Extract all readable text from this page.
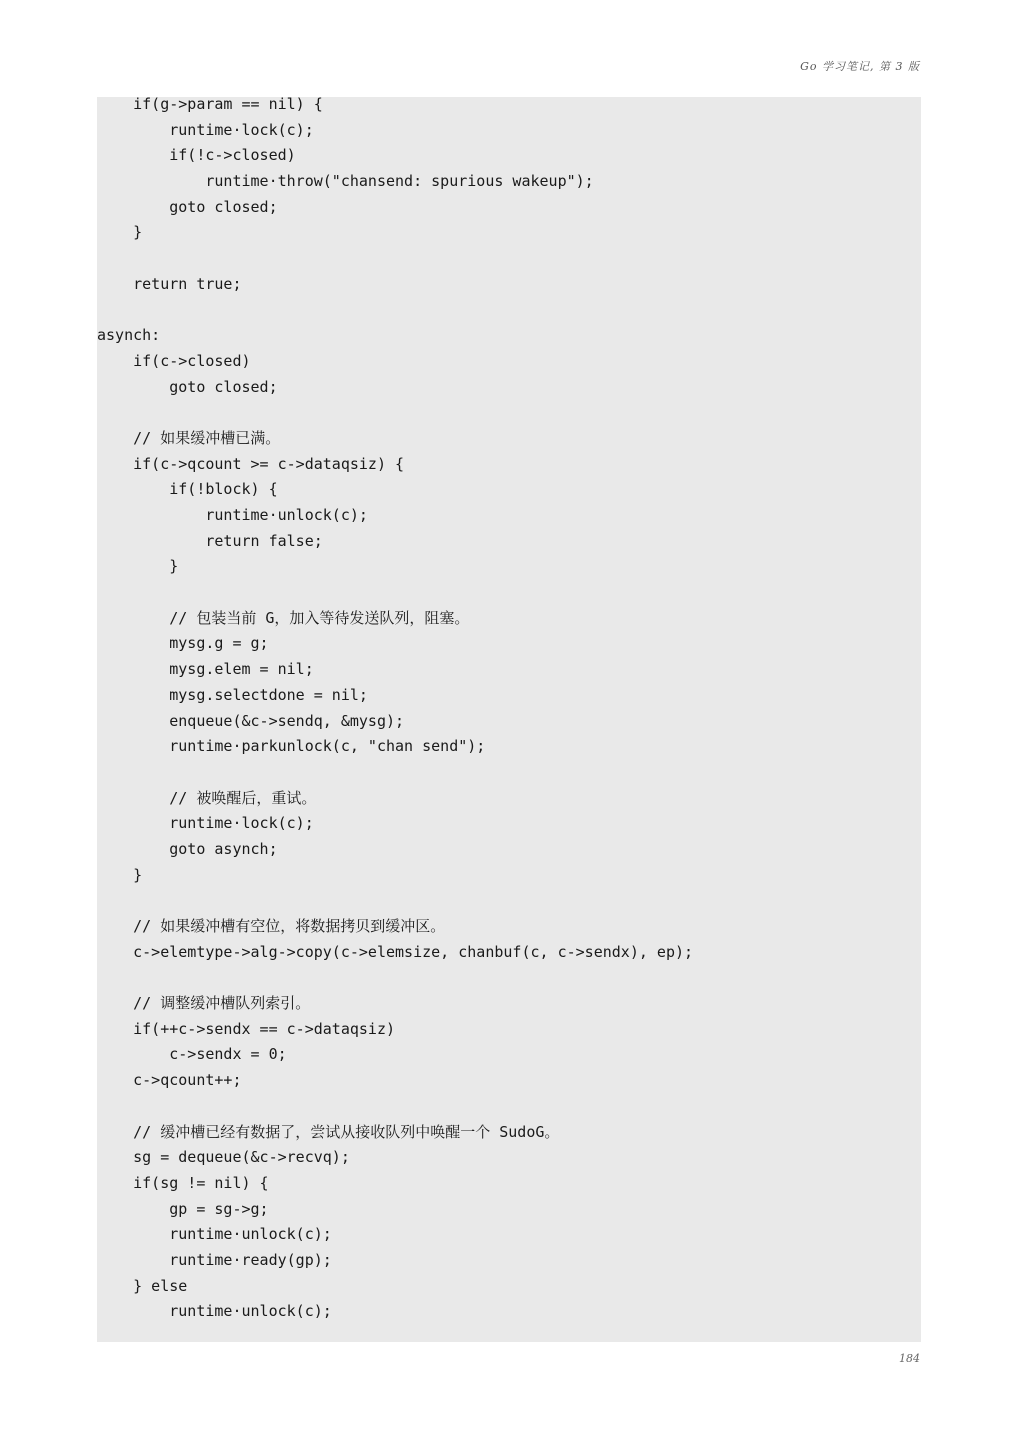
Go 学习笔记, 第 3 版
if(g->param == nil) {
runtime·lock(c);
if(!c->closed)
runtime·throw("chansend: spurious wakeup");
goto closed;
}
return true;
asynch:
if(c->closed)
goto closed;
// 如果缓冲槽已满。
if(c->qcount >= c->dataqsiz) {
if(!block) {
runtime·unlock(c);
return false;
}
// 包装当前 G，加入等待发送队列，阻塞。
mysg.g = g;
mysg.elem = nil;
mysg.selectdone = nil;
enqueue(&c->sendq, &mysg);
runtime·parkunlock(c, "chan send");
// 被唤醒后，重试。
runtime·lock(c);
goto asynch;
}
// 如果缓冲槽有空位，将数据拷贝到缓冲区。
c->elemtype->alg->copy(c->elemsize, chanbuf(c, c->sendx), ep);
// 调整缓冲槽队列索引。
if(++c->sendx == c->dataqsiz)
c->sendx = 0;
c->qcount++;
// 缓冲槽已经有数据了，尝试从接收队列中唤醒一个 SudoG。
sg = dequeue(&c->recvq);
if(sg != nil) {
gp = sg->g;
runtime·unlock(c);
runtime·ready(gp);
} else
runtime·unlock(c);
184
